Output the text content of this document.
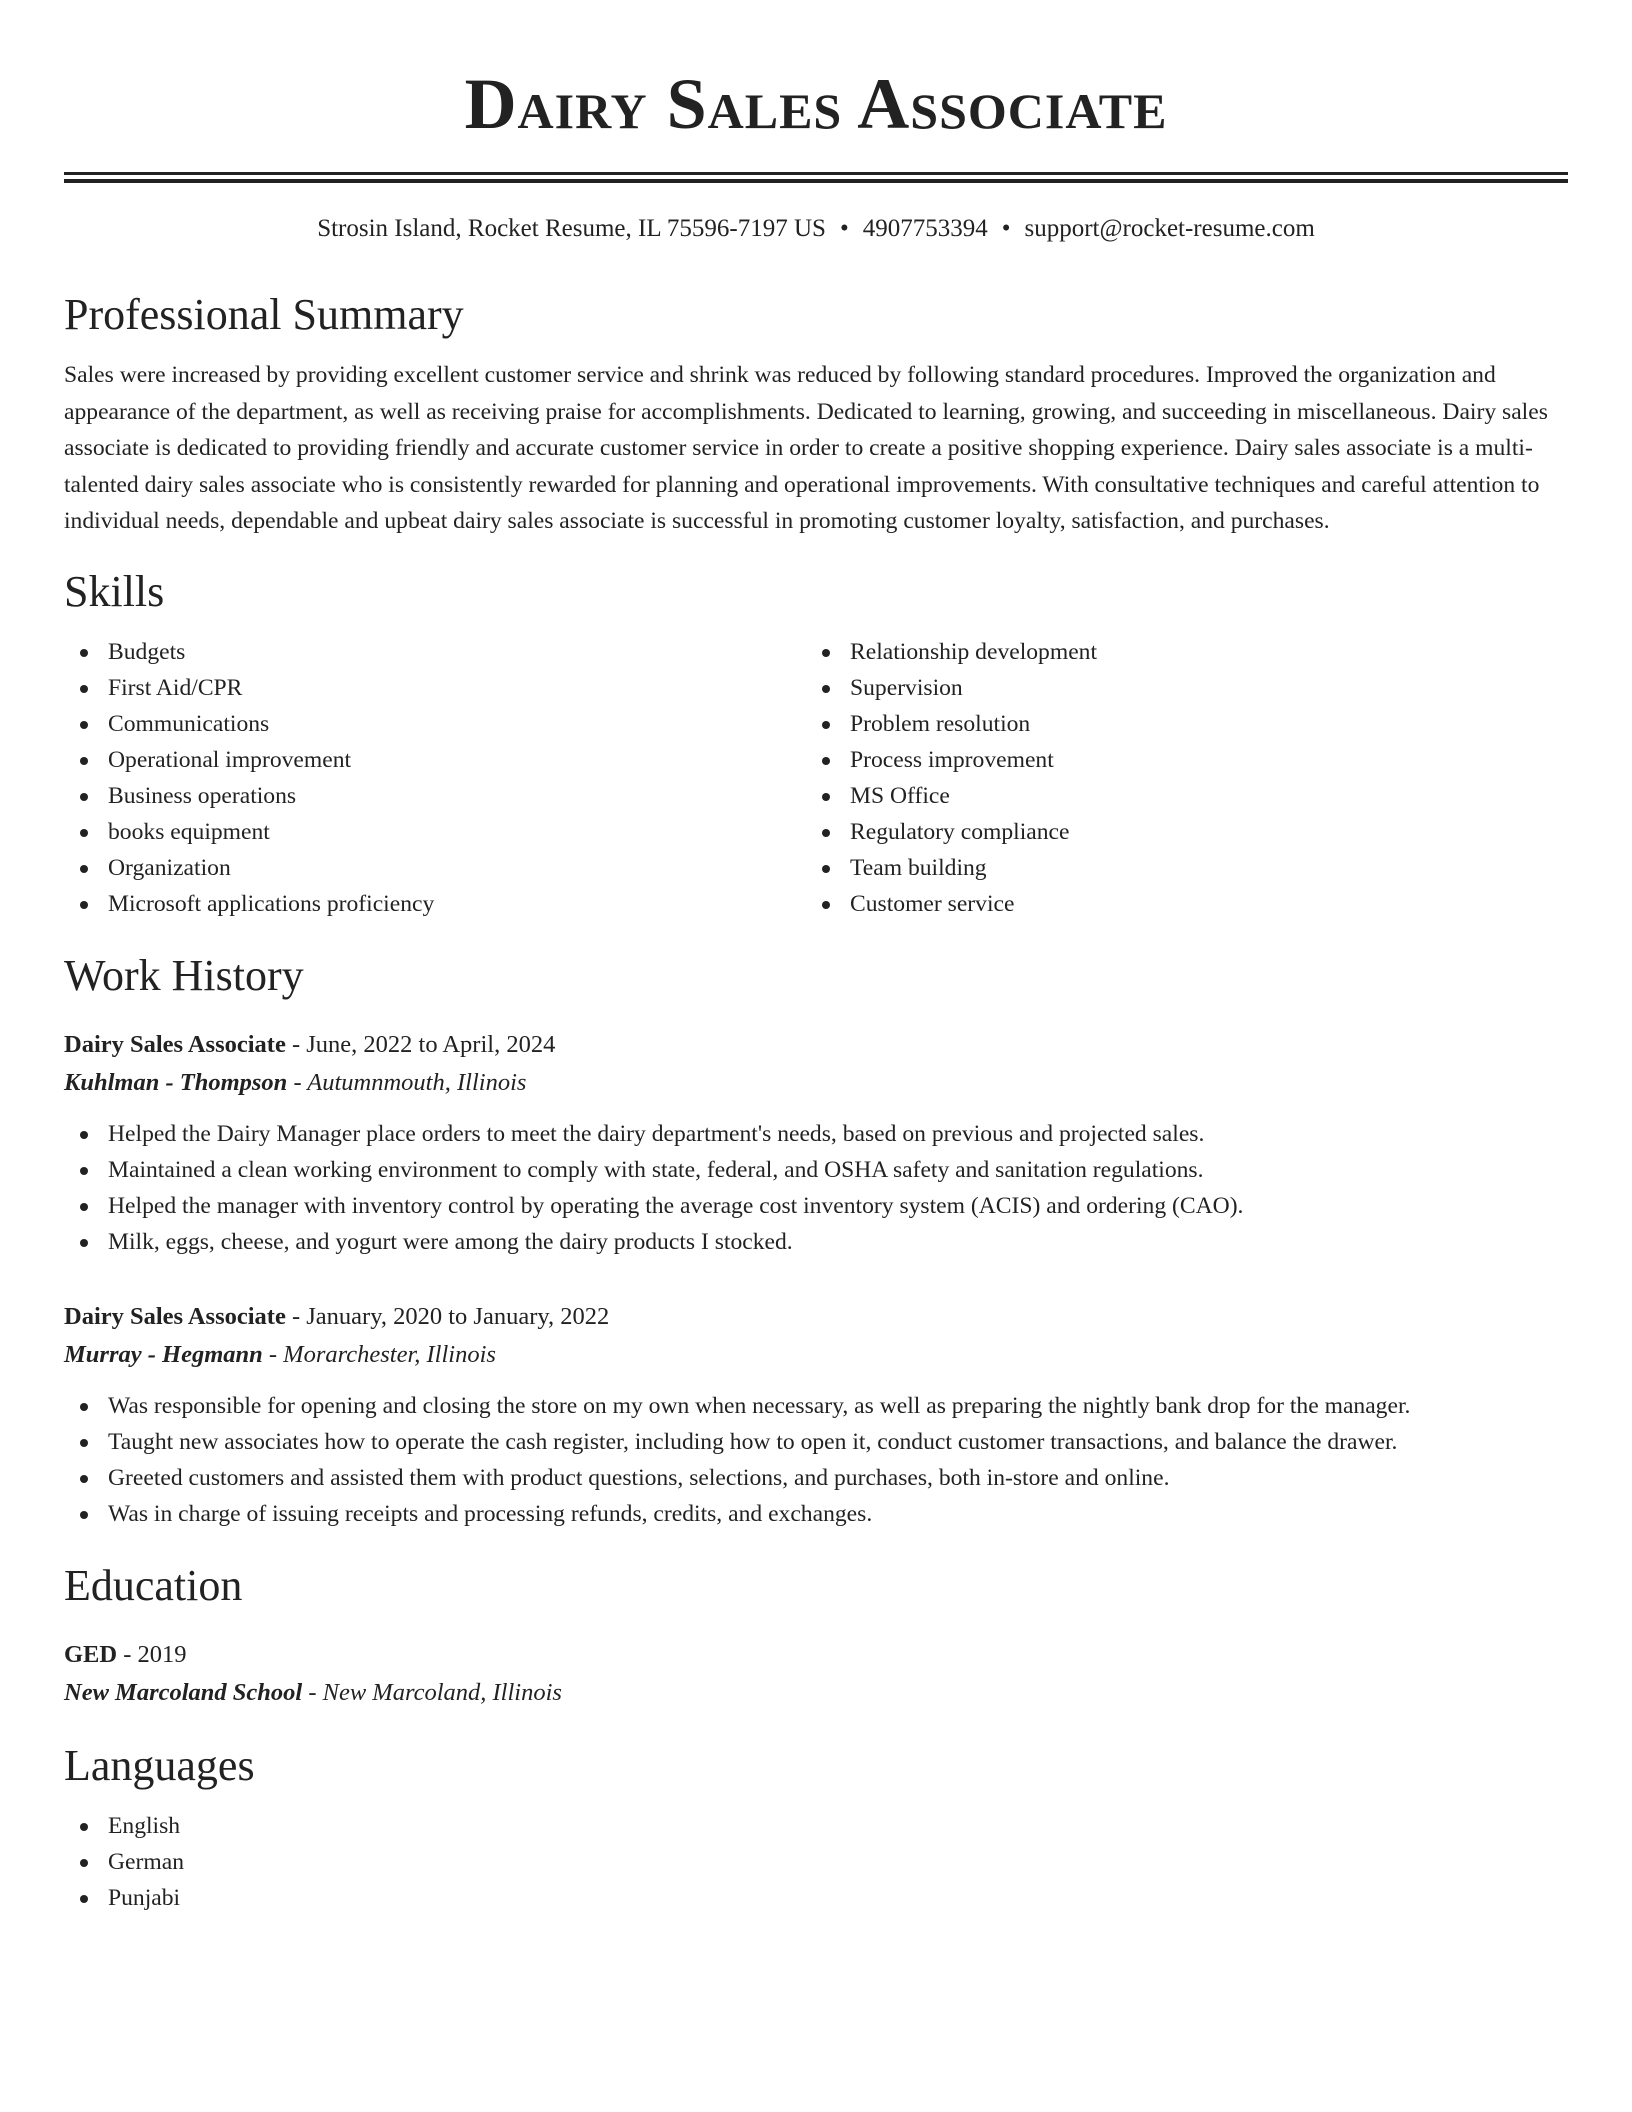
Dairy Sales Associate
Strosin Island, Rocket Resume, IL 75596-7197 US • 4907753394 • support@rocket-resume.com
Professional Summary

Sales were increased by providing excellent customer service and shrink was reduced by following standard procedures. Improved the organization and appearance of the department, as well as receiving praise for accomplishments. Dedicated to learning, growing, and succeeding in miscellaneous. Dairy sales associate is dedicated to providing friendly and accurate customer service in order to create a positive shopping experience. Dairy sales associate is a multi-talented dairy sales associate who is consistently rewarded for planning and operational improvements. With consultative techniques and careful attention to individual needs, dependable and upbeat dairy sales associate is successful in promoting customer loyalty, satisfaction, and purchases.

Skills
Budgets
First Aid/CPR
Communications
Operational improvement
Business operations
books equipment
Organization
Microsoft applications proficiency
Relationship development
Supervision
Problem resolution
Process improvement
MS Office
Regulatory compliance
Team building
Customer service
Work History
Dairy Sales Associate - June, 2022 to April, 2024
Kuhlman - Thompson - Autumnmouth, Illinois
Helped the Dairy Manager place orders to meet the dairy department's needs, based on previous and projected sales.
Maintained a clean working environment to comply with state, federal, and OSHA safety and sanitation regulations.
Helped the manager with inventory control by operating the average cost inventory system (ACIS) and ordering (CAO).
Milk, eggs, cheese, and yogurt were among the dairy products I stocked.
Dairy Sales Associate - January, 2020 to January, 2022
Murray - Hegmann - Morarchester, Illinois
Was responsible for opening and closing the store on my own when necessary, as well as preparing the nightly bank drop for the manager.
Taught new associates how to operate the cash register, including how to open it, conduct customer transactions, and balance the drawer.
Greeted customers and assisted them with product questions, selections, and purchases, both in-store and online.
Was in charge of issuing receipts and processing refunds, credits, and exchanges.
Education
GED - 2019
New Marcoland School - New Marcoland, Illinois
Languages
English
German
Punjabi
